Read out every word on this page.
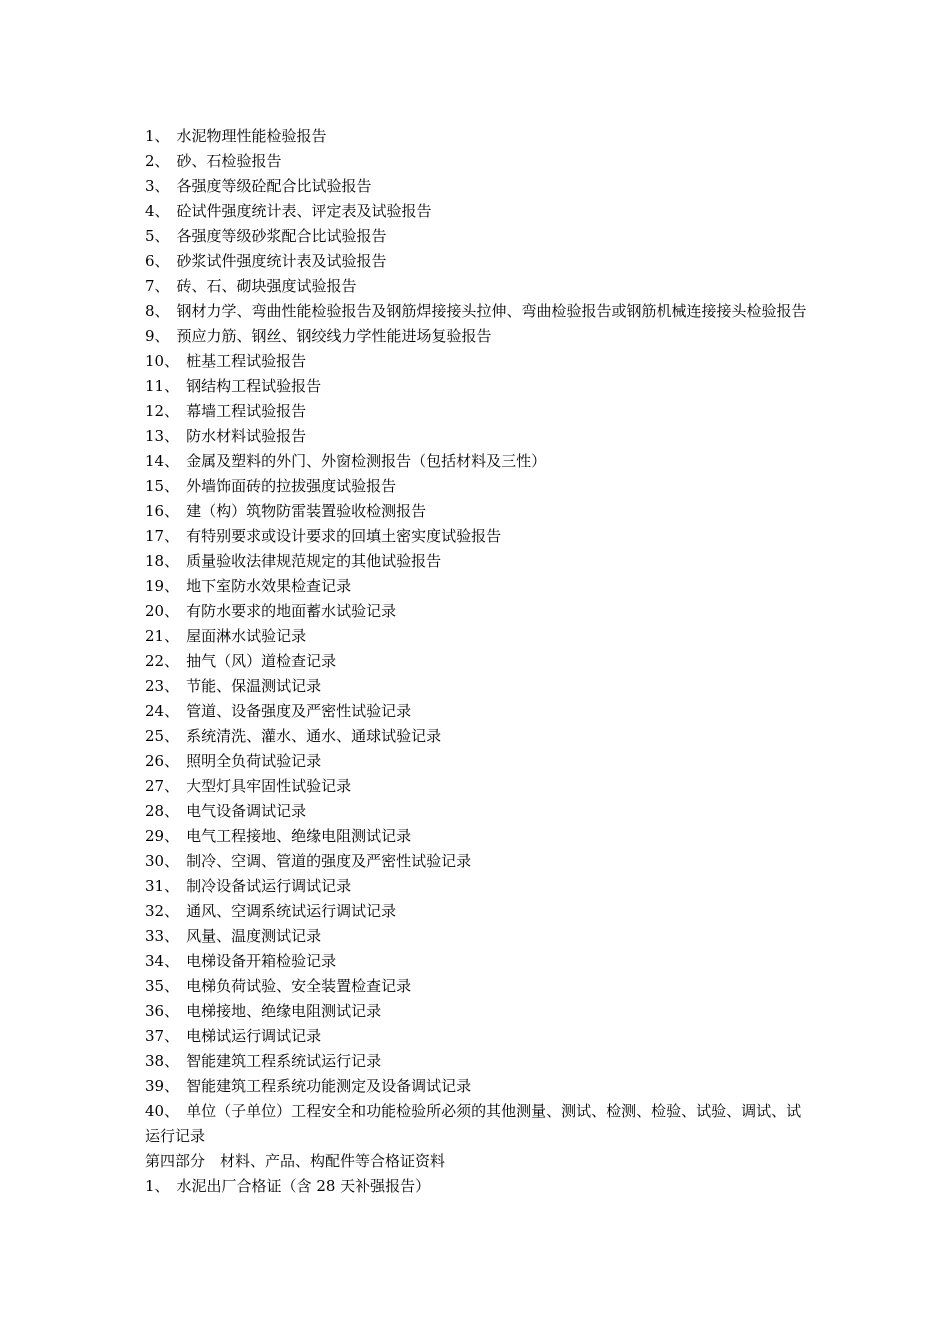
1、 水泥物理性能检验报告
2、 砂、石检验报告
3、 各强度等级砼配合比试验报告
4、 砼试件强度统计表、评定表及试验报告
5、 各强度等级砂浆配合比试验报告
6、 砂浆试件强度统计表及试验报告
7、 砖、石、砌块强度试验报告
8、 钢材力学、弯曲性能检验报告及钢筋焊接接头拉伸、弯曲检验报告或钢筋机械连接接头检验报告
9、 预应力筋、钢丝、钢绞线力学性能进场复验报告
10、 桩基工程试验报告
11、 钢结构工程试验报告
12、 幕墙工程试验报告
13、 防水材料试验报告
14、 金属及塑料的外门、外窗检测报告（包括材料及三性）
15、 外墙饰面砖的拉拔强度试验报告
16、 建（构）筑物防雷装置验收检测报告
17、 有特别要求或设计要求的回填土密实度试验报告
18、 质量验收法律规范规定的其他试验报告
19、 地下室防水效果检查记录
20、 有防水要求的地面蓄水试验记录
21、 屋面淋水试验记录
22、 抽气（风）道检查记录
23、 节能、保温测试记录
24、 管道、设备强度及严密性试验记录
25、 系统清洗、灌水、通水、通球试验记录
26、 照明全负荷试验记录
27、 大型灯具牢固性试验记录
28、 电气设备调试记录
29、 电气工程接地、绝缘电阻测试记录
30、 制冷、空调、管道的强度及严密性试验记录
31、 制冷设备试运行调试记录
32、 通风、空调系统试运行调试记录
33、 风量、温度测试记录
34、 电梯设备开箱检验记录
35、 电梯负荷试验、安全装置检查记录
36、 电梯接地、绝缘电阻测试记录
37、 电梯试运行调试记录
38、 智能建筑工程系统试运行记录
39、 智能建筑工程系统功能测定及设备调试记录
40、 单位（子单位）工程安全和功能检验所必须的其他测量、测试、检测、检验、试验、调试、试运行记录
第四部分　材料、产品、构配件等合格证资料
1、 水泥出厂合格证（含 28 天补强报告）
